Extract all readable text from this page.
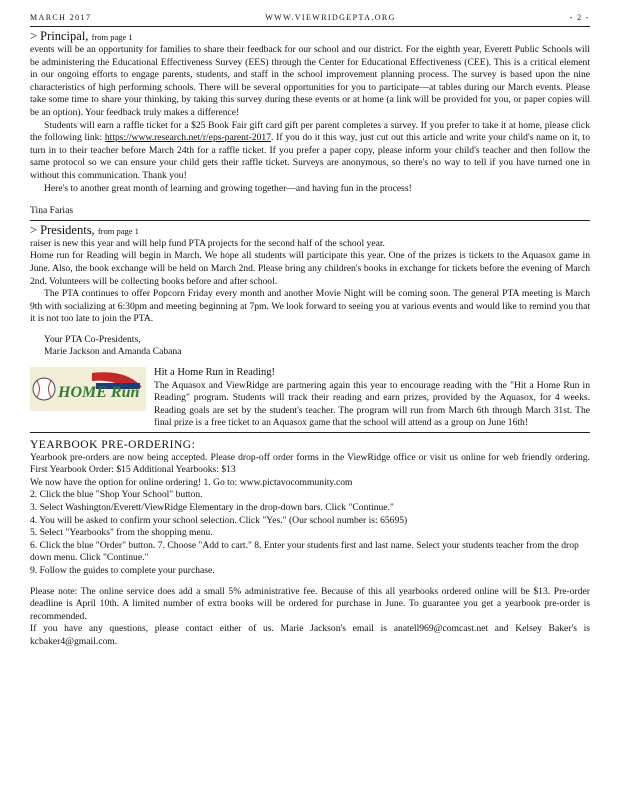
MARCH 2017	WWW.VIEWRIDGEPTA.ORG	- 2 -
> Principal, from page 1

events will be an opportunity for families to share their feedback for our school and our district. For the eighth year, Everett Public Schools will be administering the Educational Effectiveness Survey (EES) through the Center for Educational Effectiveness (CEE). This is a critical element in our ongoing efforts to engage parents, students, and staff in the school improvement planning process. The survey is based upon the nine characteristics of high performing schools. There will be several opportunities for you to participate—at tables during our March events. Please take some time to share your thinking, by taking this survey during these events or at home (a link will be provided for you, or paper copies will be an option). Your feedback truly makes a difference!

Students will earn a raffle ticket for a $25 Book Fair gift card gift per parent completes a survey. If you prefer to take it at home, please click the following link: https://www.research.net/r/eps-parent-2017. If you do it this way, just cut out this article and write your child's name on it, to turn in to their teacher before March 24th for a raffle ticket. If you prefer a paper copy, please inform your child's teacher and then follow the same protocol so we can ensure your child gets their raffle ticket. Surveys are anonymous, so there's no way to tell if you have turned one in without this communication. Thank you!

Here's to another great month of learning and growing together—and having fun in the process!

Tina Farias

> Presidents, from page 1

raiser is new this year and will help fund PTA projects for the second half of the school year.

Home run for Reading will begin in March. We hope all students will participate this year. One of the prizes is tickets to the Aquasox game in June. Also, the book exchange will be held on March 2nd. Please bring any children's books in exchange for tickets before the evening of March 2nd. Volunteers will be collecting books before and after school.

The PTA continues to offer Popcorn Friday every month and another Movie Night will be coming soon. The general PTA meeting is March 9th with socializing at 6:30pm and meeting beginning at 7pm. We look forward to seeing you at various events and would like to remind you that it is not too late to join the PTA.

Your PTA Co-Presidents,

Marie Jackson and Amanda Cabana

HOME Run
Hit a Home Run in Reading!

The Aquasox and ViewRidge are partnering again this year to encourage reading with the "Hit a Home Run in Reading" program. Students will track their reading and earn prizes, provided by the Aquasox, for 4 weeks. Reading goals are set by the student's teacher. The program will run from March 6th through March 31st. The final prize is a free ticket to an Aquasox game that the school will attend as a group on June 16th!

YEARBOOK PRE-ORDERING:

Yearbook pre-orders are now being accepted. Please drop-off order forms in the ViewRidge office or visit us online for web friendly ordering. First Yearbook Order: $15 Additional Yearbooks: $13

We now have the option for online ordering! 1. Go to: www.pictavocommunity.com

2. Click the blue "Shop Your School" button.

3. Select Washington/Everett/ViewRidge Elementary in the drop-down bars. Click "Continue."

4. You will be asked to confirm your school selection. Click "Yes." (Our school number is: 65695)

5. Select "Yearbooks" from the shopping menu.

6. Click the blue "Order" button. 7. Choose "Add to cart." 8. Enter your students first and last name. Select your students teacher from the drop down menu. Click "Continue."

9. Follow the guides to complete your purchase.

Please note: The online service does add a small 5% administrative fee. Because of this all yearbooks ordered online will be $13. Pre-order deadline is April 10th. A limited number of extra books will be ordered for purchase in June. To guarantee you get a yearbook pre-order is recommended.

If you have any questions, please contact either of us. Marie Jackson's email is anatell969@comcast.net and Kelsey Baker's is kcbaker4@gmail.com.
